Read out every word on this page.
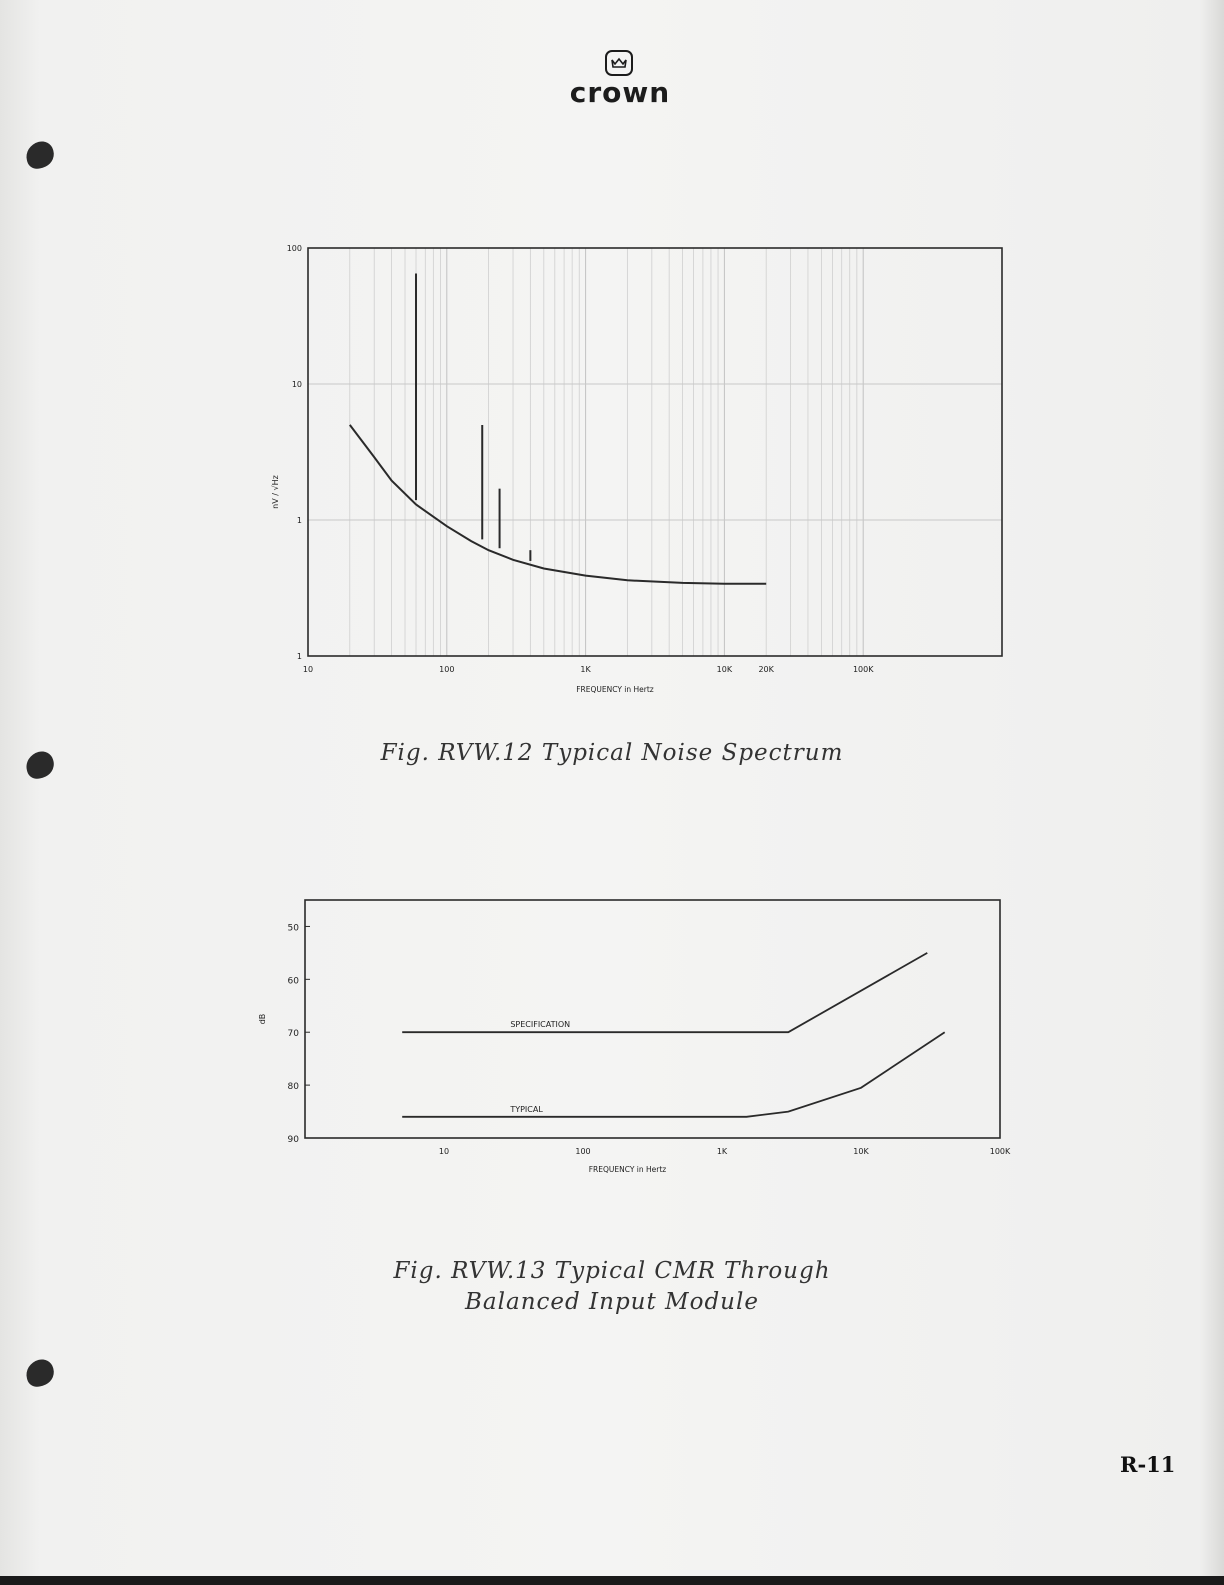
crown
1
1
10
100
10	100	1K	10K	20K	100K
FREQUENCY in Hertz
nV / √Hz
Fig. RVW.12 Typical Noise Spectrum
50
60
70
80
90
10	100	1K	10K	100K
FREQUENCY in Hertz
dB
SPECIFICATION
TYPICAL
Fig. RVW.13 Typical CMR Through
Balanced Input Module
R-11
